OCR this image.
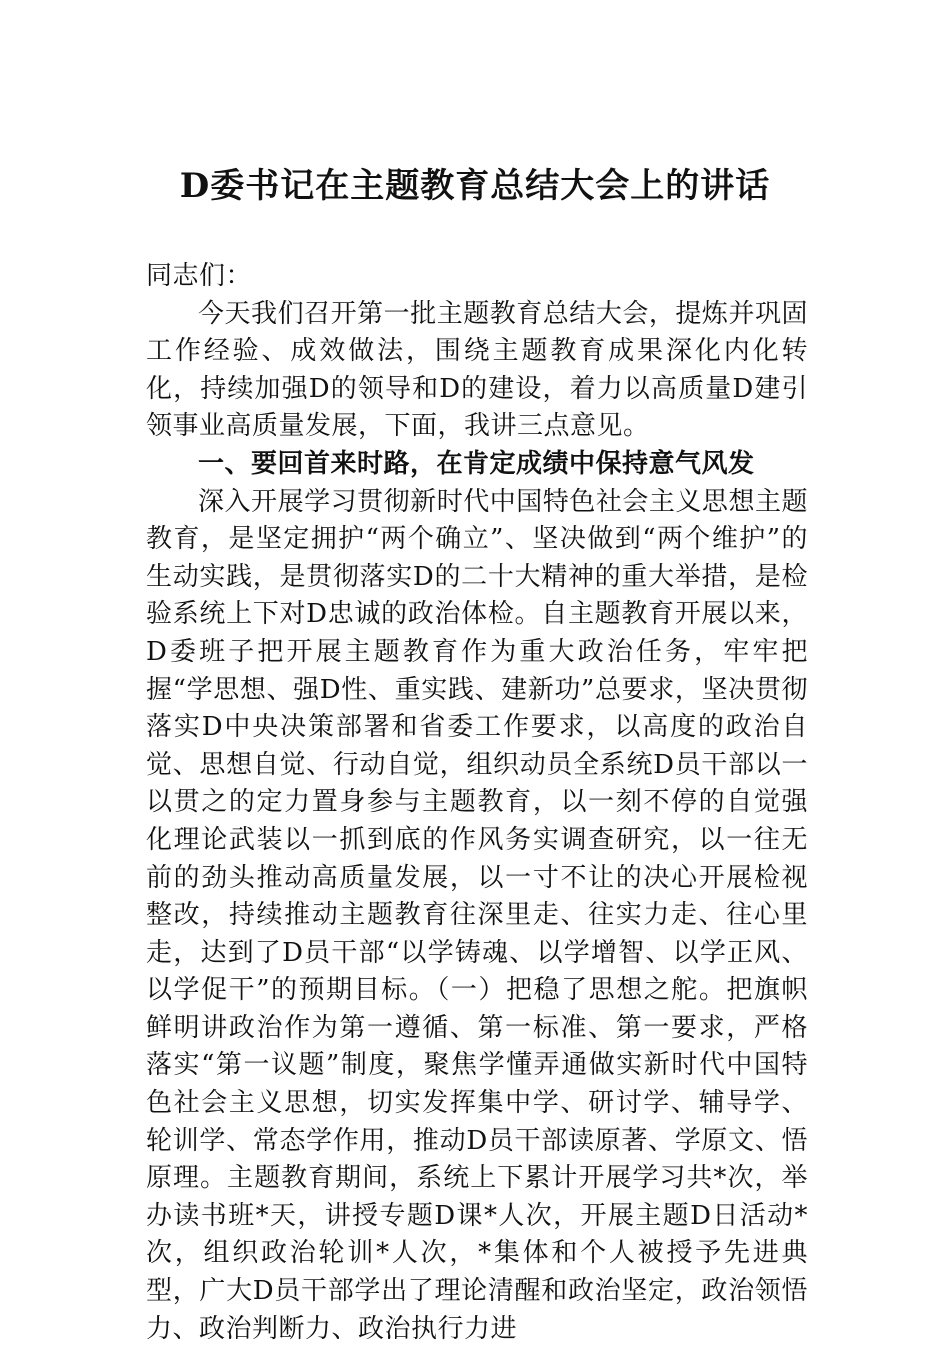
D委书记在主题教育总结大会上的讲话

同志们：

今天我们召开第一批主题教育总结大会，提炼并巩固工作经验、成效做法，围绕主题教育成果深化内化转化，持续加强D的领导和D的建设，着力以高质量D建引领事业高质量发展，下面，我讲三点意见。

一、要回首来时路，在肯定成绩中保持意气风发

深入开展学习贯彻新时代中国特色社会主义思想主题教育，是坚定拥护“两个确立”、坚决做到“两个维护”的生动实践，是贯彻落实D的二十大精神的重大举措，是检验系统上下对D忠诚的政治体检。自主题教育开展以来，D委班子把开展主题教育作为重大政治任务，牢牢把握“学思想、强D性、重实践、建新功”总要求，坚决贯彻落实D中央决策部署和省委工作要求，以高度的政治自觉、思想自觉、行动自觉，组织动员全系统D员干部以一以贯之的定力置身参与主题教育，以一刻不停的自觉强化理论武装以一抓到底的作风务实调查研究，以一往无前的劲头推动高质量发展，以一寸不让的决心开展检视整改，持续推动主题教育往深里走、往实力走、往心里走，达到了D员干部“以学铸魂、以学增智、以学正风、以学促干”的预期目标。（一）把稳了思想之舵。把旗帜鲜明讲政治作为第一遵循、第一标准、第一要求，严格落实“第一议题”制度，聚焦学懂弄通做实新时代中国特色社会主义思想，切实发挥集中学、研讨学、辅导学、轮训学、常态学作用，推动D员干部读原著、学原文、悟原理。主题教育期间，系统上下累计开展学习共*次，举办读书班*天，讲授专题D课*人次，开展主题D日活动*次，组织政治轮训*人次，*集体和个人被授予先进典型，广大D员干部学出了理论清醒和政治坚定，政治领悟力、政治判断力、政治执行力进
